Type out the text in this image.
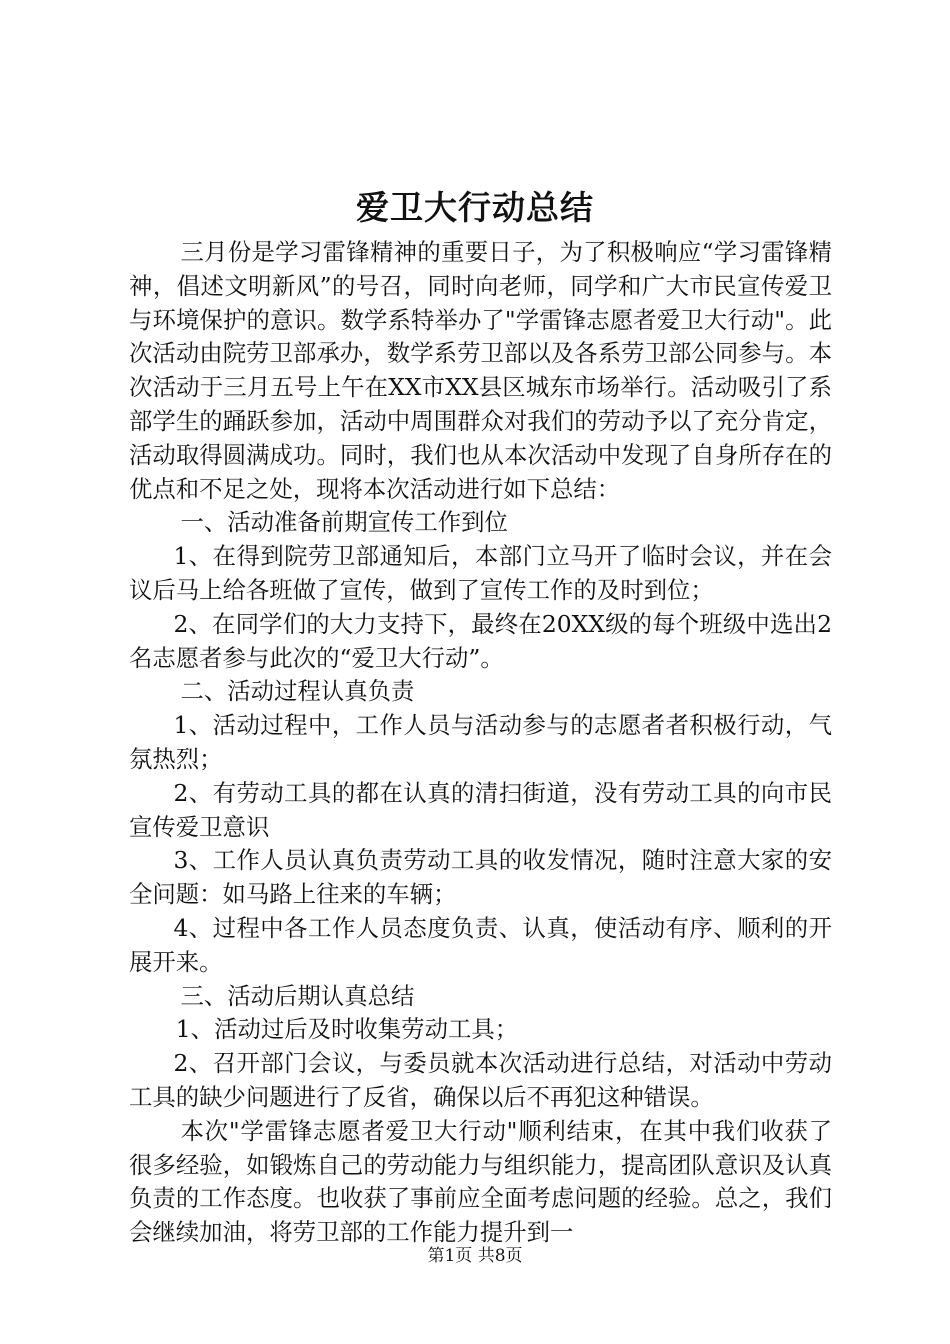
爱卫大行动总结

三月份是学习雷锋精神的重要日子，为了积极响应“学习雷锋精神，倡述文明新风”的号召，同时向老师，同学和广大市民宣传爱卫与环境保护的意识。数学系特举办了"学雷锋志愿者爱卫大行动"。此次活动由院劳卫部承办，数学系劳卫部以及各系劳卫部公同参与。本次活动于三月五号上午在XX市XX县区城东市场举行。活动吸引了系部学生的踊跃参加，活动中周围群众对我们的劳动予以了充分肯定，活动取得圆满成功。同时，我们也从本次活动中发现了自身所存在的优点和不足之处，现将本次活动进行如下总结：

一、活动准备前期宣传工作到位

1、在得到院劳卫部通知后，本部门立马开了临时会议，并在会议后马上给各班做了宣传，做到了宣传工作的及时到位；

2、在同学们的大力支持下，最终在20XX级的每个班级中选出2名志愿者参与此次的“爱卫大行动”。

二、活动过程认真负责

1、活动过程中，工作人员与活动参与的志愿者者积极行动，气氛热烈；

2、有劳动工具的都在认真的清扫街道，没有劳动工具的向市民宣传爱卫意识

3、工作人员认真负责劳动工具的收发情况，随时注意大家的安全问题：如马路上往来的车辆；

4、过程中各工作人员态度负责、认真，使活动有序、顺利的开展开来。

三、活动后期认真总结

1、活动过后及时收集劳动工具；

2、召开部门会议，与委员就本次活动进行总结，对活动中劳动工具的缺少问题进行了反省，确保以后不再犯这种错误。

本次"学雷锋志愿者爱卫大行动"顺利结束，在其中我们收获了很多经验，如锻炼自己的劳动能力与组织能力，提高团队意识及认真负责的工作态度。也收获了事前应全面考虑问题的经验。总之，我们会继续加油，将劳卫部的工作能力提升到一

第1页 共8页
